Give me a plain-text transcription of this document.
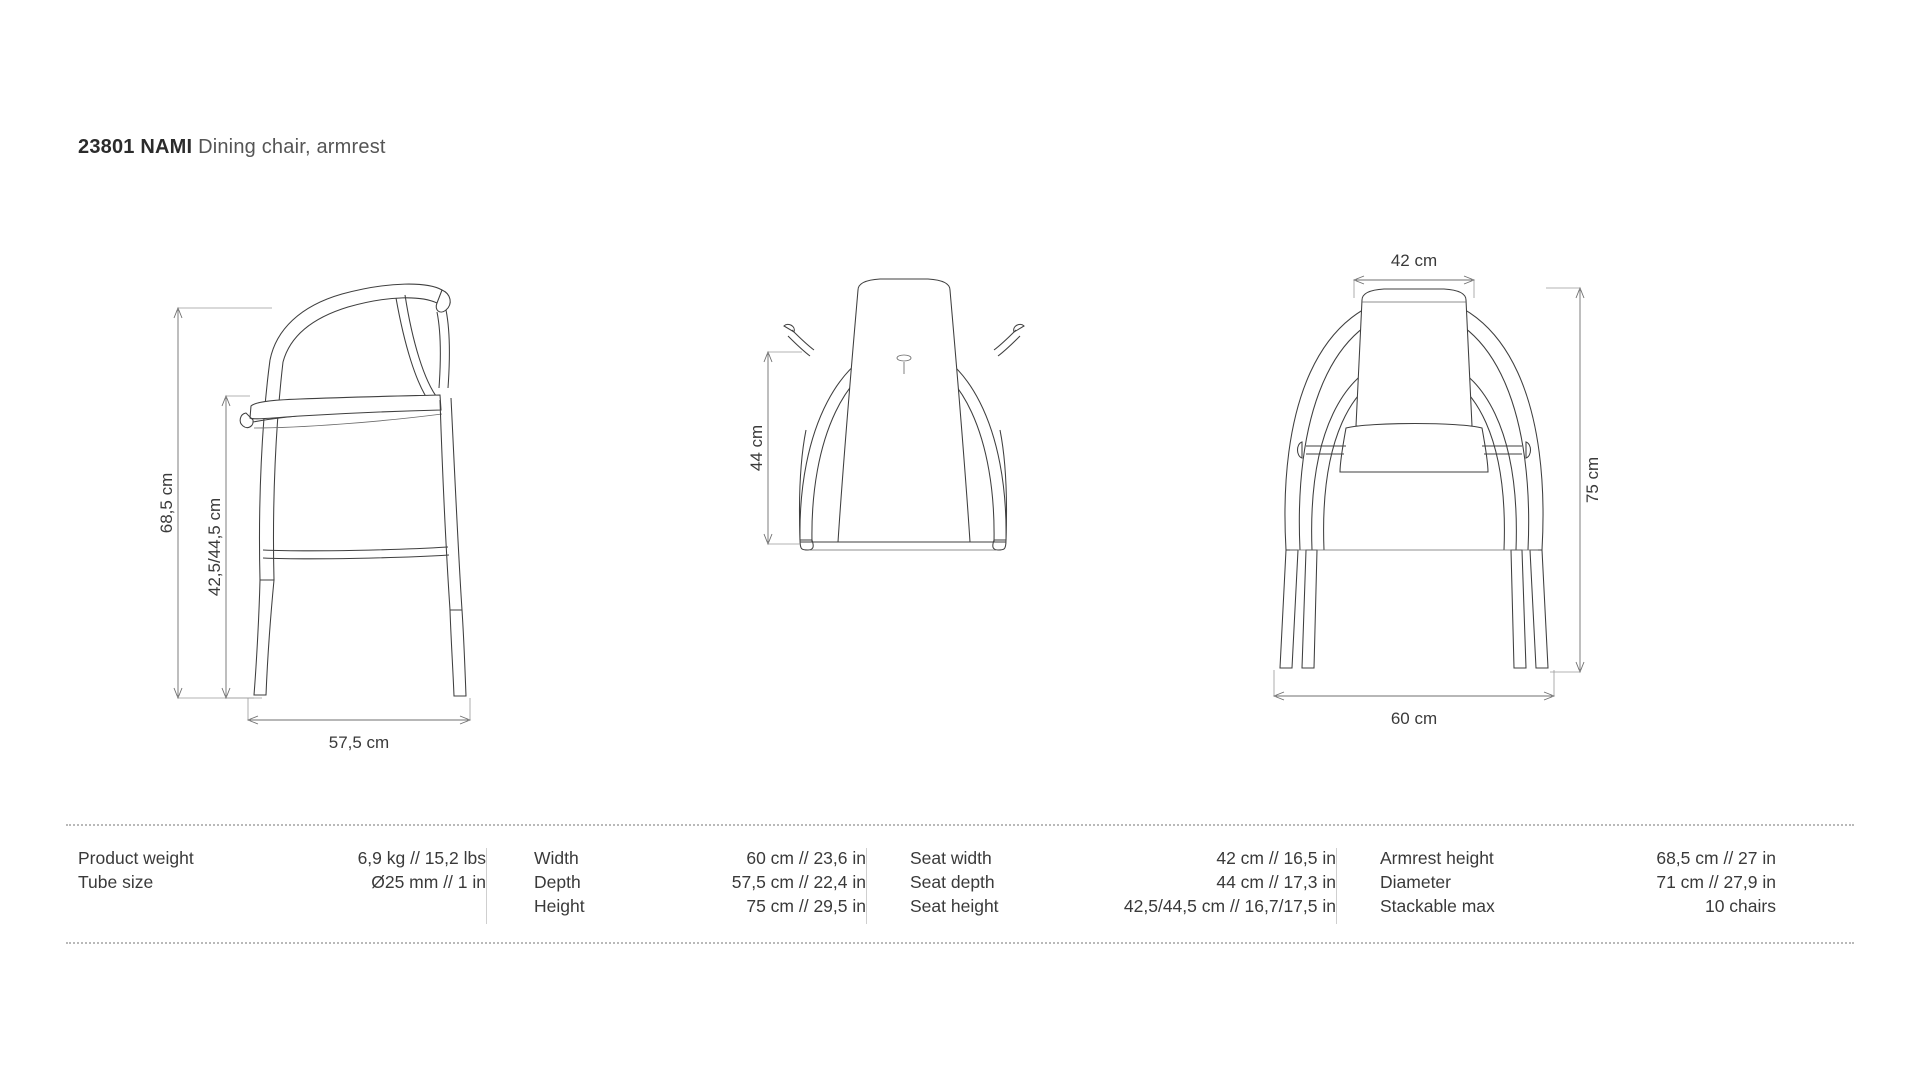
23801 NAMI Dining chair, armrest
68,5 cm 42,5/44,5 cm
57,5 cm
44 cm
42 cm
75 cm
60 cm
Product weight	6,9 kg // 15,2 lbs
Tube size	Ø25 mm // 1 in
Width	60 cm // 23,6 in
Depth	57,5 cm // 22,4 in
Height	75 cm // 29,5 in
Seat width	42 cm // 16,5 in
Seat depth	44 cm // 17,3 in
Seat height	42,5/44,5 cm // 16,7/17,5 in
Armrest height	68,5 cm // 27 in
Diameter	71 cm // 27,9 in
Stackable max	10 chairs
